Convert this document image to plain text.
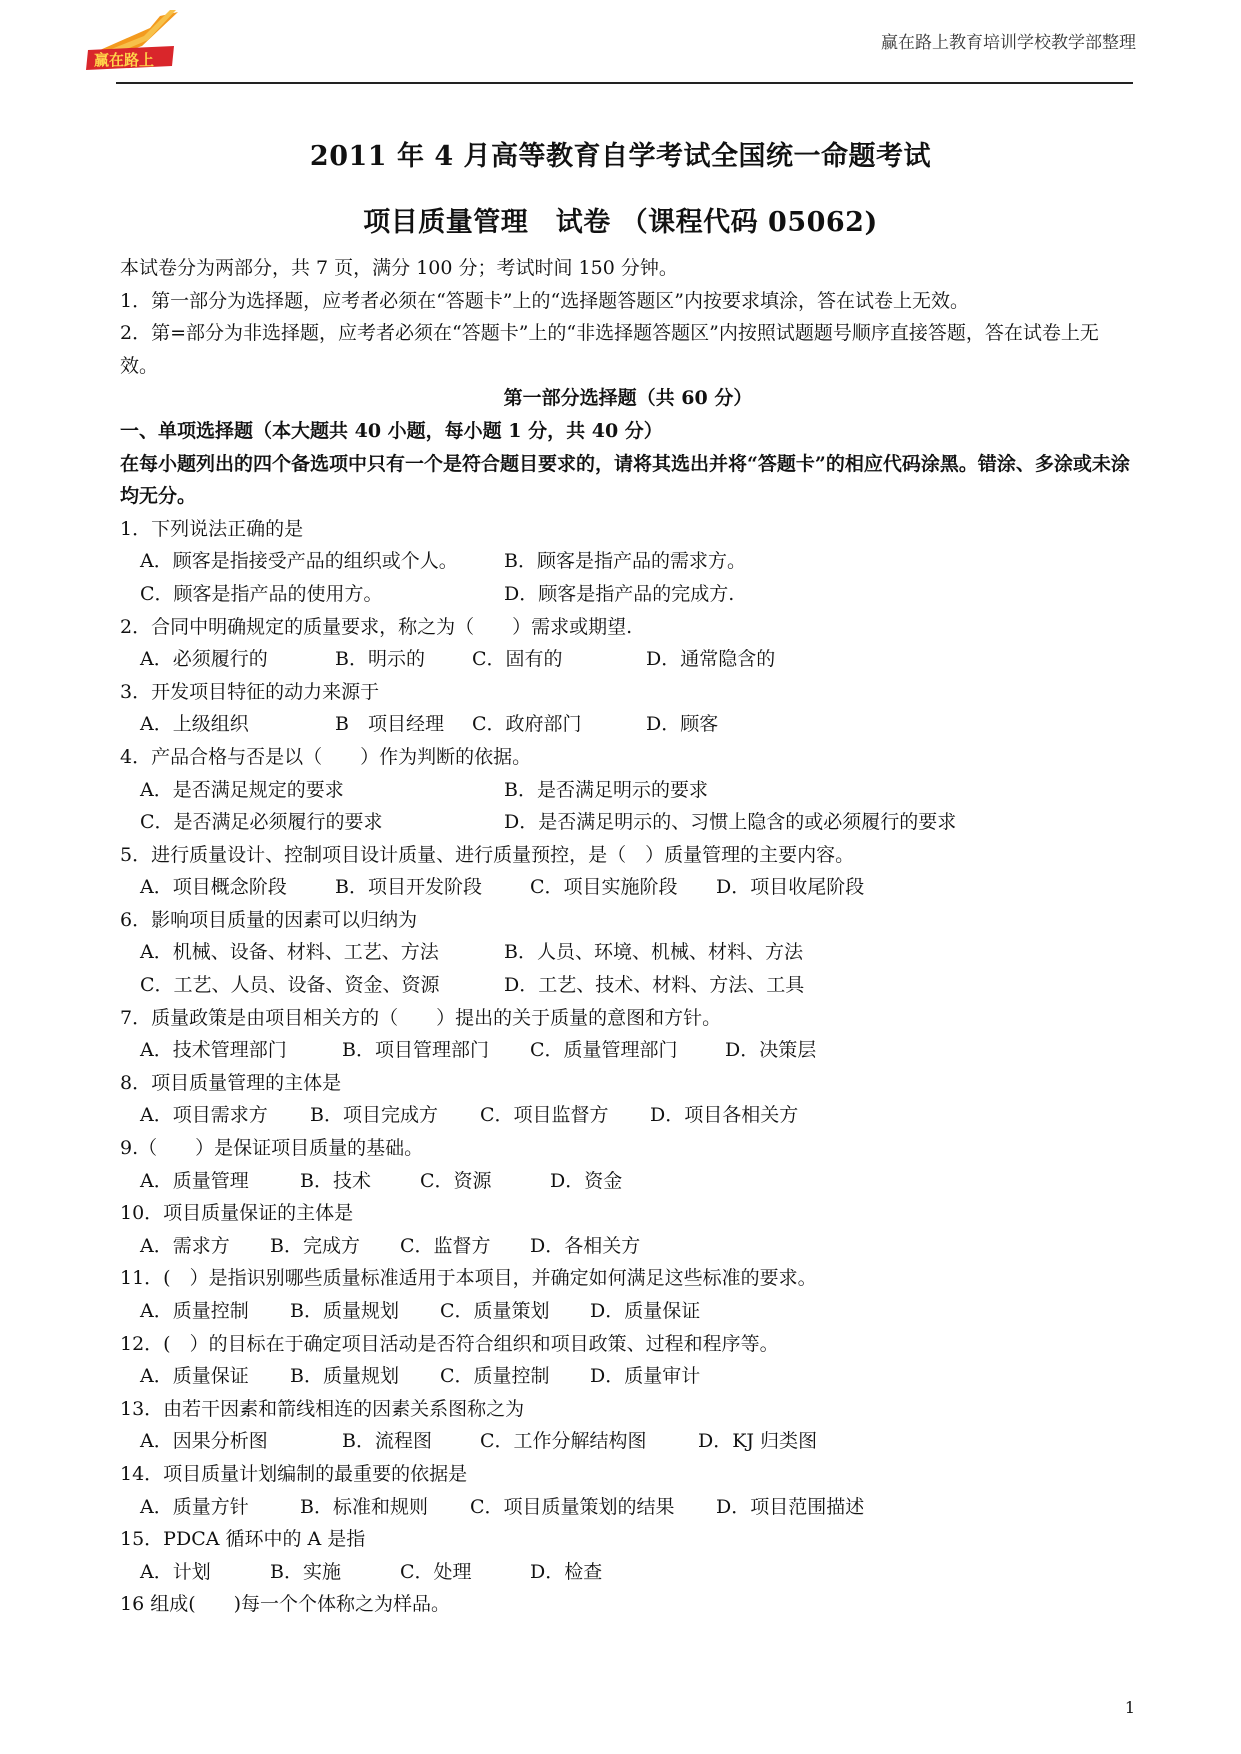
赢在路上
赢在路上教育培训学校教学部整理
2011 年 4 月高等教育自学考试全国统一命题考试
项目质量管理　试卷 （课程代码 05062)
本试卷分为两部分，共 7 页，满分 100 分；考试时间 150 分钟。
1．第一部分为选择题，应考者必须在“答题卡”上的“选择题答题区”内按要求填涂，答在试卷上无效。
2．第=部分为非选择题，应考者必须在“答题卡”上的“非选择题答题区”内按照试题题号顺序直接答题，答在试卷上无效。
第一部分选择题（共 60 分）
一、单项选择题（本大题共 40 小题，每小题 1 分，共 40 分）
在每小题列出的四个备选项中只有一个是符合题目要求的，请将其选出并将“答题卡”的相应代码涂黑。错涂、多涂或未涂均无分。
1．下列说法正确的是
A．顾客是指接受产品的组织或个人。 B．顾客是指产品的需求方。
C．顾客是指产品的使用方。	D．顾客是指产品的完成方.
2．合同中明确规定的质量要求，称之为（　　）需求或期望.
A．必须履行的	B．明示的 C．固有的	D．通常隐含的
3．开发项目特征的动力来源于
A．上级组织	B　项目经理 C．政府部门	D．顾客
4．产品合格与否是以（　　）作为判断的依据。
A．是否满足规定的要求	B．是否满足明示的要求
C．是否满足必须履行的要求	D．是否满足明示的、习惯上隐含的或必须履行的要求
5．进行质量设计、控制项目设计质量、进行质量预控，是（　）质量管理的主要内容。
A．项目概念阶段	B．项目开发阶段	C．项目实施阶段 D．项目收尾阶段
6．影响项目质量的因素可以归纳为
A．机械、设备、材料、工艺、方法	B．人员、环境、机械、材料、方法
C．工艺、人员、设备、资金、资源	D．工艺、技术、材料、方法、工具
7．质量政策是由项目相关方的（　　）提出的关于质量的意图和方针。
A．技术管理部门	B．项目管理部门 C．质量管理部门 D．决策层
8．项目质量管理的主体是
A．项目需求方 B．项目完成方 C．项目监督方 D．项目各相关方
9.（　　）是保证项目质量的基础。
A．质量管理	B．技术	C．资源	D．资金
10．项目质量保证的主体是
A．需求方 B．完成方 C．监督方 D．各相关方
11．(　）是指识别哪些质量标准适用于本项目，并确定如何满足这些标准的要求。
A．质量控制 B．质量规划 C．质量策划 D．质量保证
12．(　）的目标在于确定项目活动是否符合组织和项目政策、过程和程序等。
A．质量保证 B．质量规划 C．质量控制 D．质量审计
13．由若干因素和箭线相连的因素关系图称之为
A．因果分析图	B．流程图	C．工作分解结构图	D．KJ 归类图
14．项目质量计划编制的最重要的依据是
A．质量方针	B．标准和规则 C．项目质量策划的结果 D．项目范围描述
15．PDCA 循环中的 A 是指
A．计划	B．实施	C．处理	D．检查
16 组成(　　)每一个个体称之为样品。
1
